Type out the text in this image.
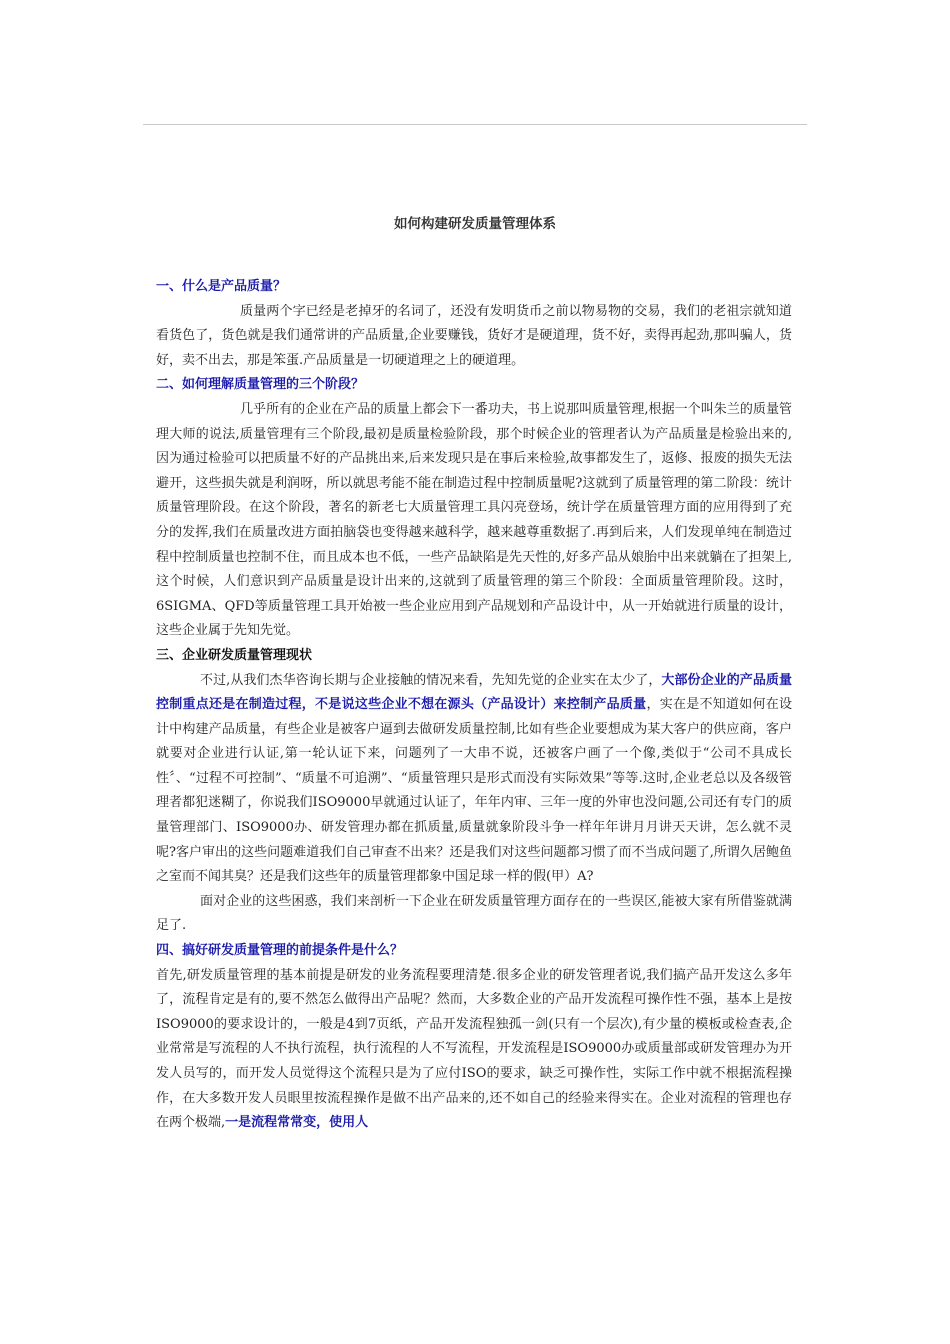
如何构建研发质量管理体系
一、什么是产品质量？

质量两个字已经是老掉牙的名词了，还没有发明货币之前以物易物的交易，我们的老祖宗就知道看货色了，货色就是我们通常讲的产品质量,企业要赚钱，货好才是硬道理，货不好，卖得再起劲,那叫骗人，货好，卖不出去，那是笨蛋.产品质量是一切硬道理之上的硬道理。

二、如何理解质量管理的三个阶段？

几乎所有的企业在产品的质量上都会下一番功夫，书上说那叫质量管理,根据一个叫朱兰的质量管理大师的说法,质量管理有三个阶段,最初是质量检验阶段，那个时候企业的管理者认为产品质量是检验出来的,因为通过检验可以把质量不好的产品挑出来,后来发现只是在事后来检验,故事都发生了，返修、报废的损失无法避开，这些损失就是利润呀，所以就思考能不能在制造过程中控制质量呢?这就到了质量管理的第二阶段：统计质量管理阶段。在这个阶段，著名的新老七大质量管理工具闪亮登场，统计学在质量管理方面的应用得到了充分的发挥,我们在质量改进方面拍脑袋也变得越来越科学，越来越尊重数据了.再到后来，人们发现单纯在制造过程中控制质量也控制不住，而且成本也不低，一些产品缺陷是先天性的,好多产品从娘胎中出来就躺在了担架上,这个时候，人们意识到产品质量是设计出来的,这就到了质量管理的第三个阶段：全面质量管理阶段。这时，6SIGMA、QFD等质量管理工具开始被一些企业应用到产品规划和产品设计中，从一开始就进行质量的设计，这些企业属于先知先觉。

三、企业研发质量管理现状

不过,从我们杰华咨询长期与企业接触的情况来看，先知先觉的企业实在太少了，大部份企业的产品质量控制重点还是在制造过程，不是说这些企业不想在源头（产品设计）来控制产品质量，实在是不知道如何在设计中构建产品质量，有些企业是被客户逼到去做研发质量控制,比如有些企业要想成为某大客户的供应商，客户就要对企业进行认证,第一轮认证下来，问题列了一大串不说，还被客户画了一个像,类似于“公司不具成长性〞、“过程不可控制”、“质量不可追溯”、“质量管理只是形式而没有实际效果”等等.这时,企业老总以及各级管理者都犯迷糊了，你说我们ISO9000早就通过认证了，年年内审、三年一度的外审也没问题,公司还有专门的质量管理部门、ISO9000办、研发管理办都在抓质量,质量就象阶段斗争一样年年讲月月讲天天讲，怎么就不灵呢?客户审出的这些问题难道我们自己审查不出来？还是我们对这些问题都习惯了而不当成问题了,所谓久居鲍鱼之室而不闻其臭？还是我们这些年的质量管理都象中国足球一样的假(甲）A?

面对企业的这些困惑，我们来剖析一下企业在研发质量管理方面存在的一些误区,能被大家有所借鉴就满足了.

四、搞好研发质量管理的前提条件是什么？

首先,研发质量管理的基本前提是研发的业务流程要理清楚.很多企业的研发管理者说,我们搞产品开发这么多年了，流程肯定是有的,要不然怎么做得出产品呢？然而，大多数企业的产品开发流程可操作性不强，基本上是按ISO9000的要求设计的，一般是4到7页纸，产品开发流程独孤一剑(只有一个层次),有少量的模板或检查表,企业常常是写流程的人不执行流程，执行流程的人不写流程，开发流程是ISO9000办或质量部或研发管理办为开发人员写的，而开发人员觉得这个流程只是为了应付ISO的要求，缺乏可操作性，实际工作中就不根据流程操作，在大多数开发人员眼里按流程操作是做不出产品来的,还不如自己的经验来得实在。企业对流程的管理也存在两个极端,一是流程常常变，使用人
